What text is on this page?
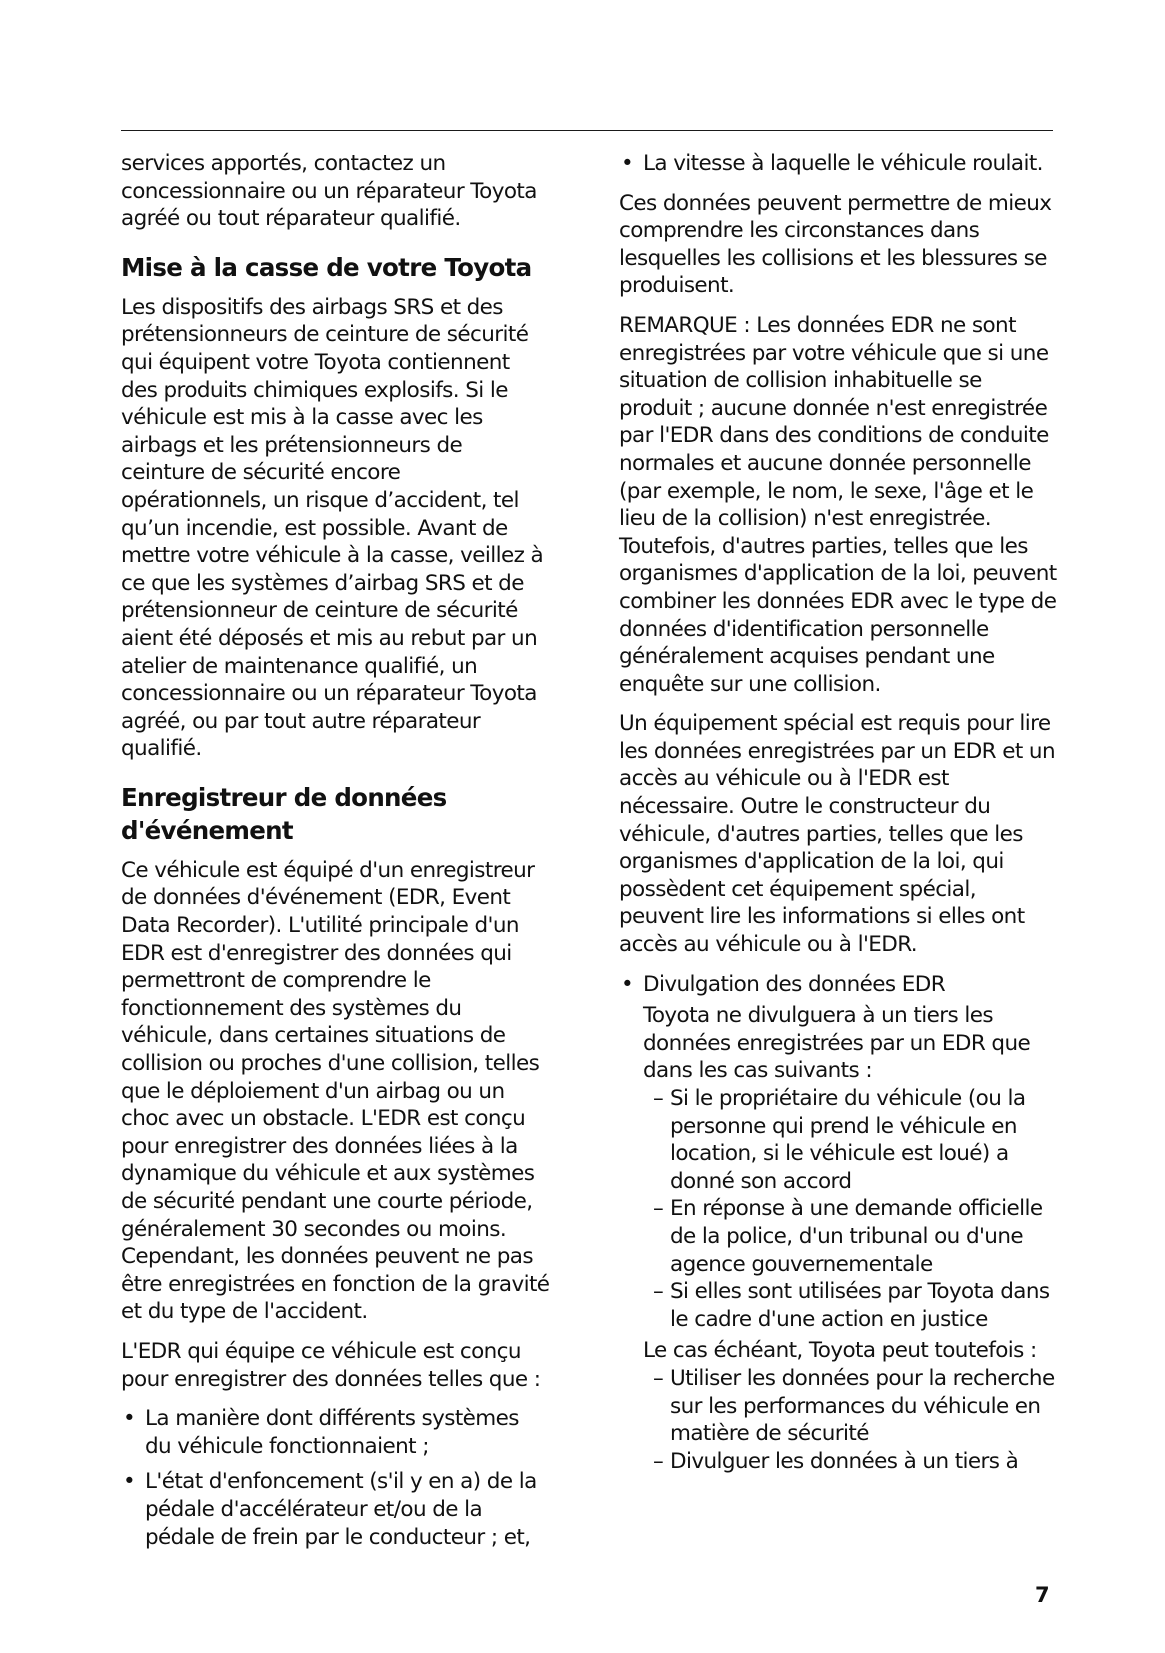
services apportés, contactez un concessionnaire ou un réparateur Toyota agréé ou tout réparateur qualifié.

Mise à la casse de votre Toyota

Les dispositifs des airbags SRS et des prétensionneurs de ceinture de sécurité qui équipent votre Toyota contiennent des produits chimiques explosifs. Si le véhicule est mis à la casse avec les airbags et les prétensionneurs de ceinture de sécurité encore opérationnels, un risque d’accident, tel qu’un incendie, est possible. Avant de mettre votre véhicule à la casse, veillez à ce que les systèmes d’airbag SRS et de prétensionneur de ceinture de sécurité aient été déposés et mis au rebut par un atelier de maintenance qualifié, un concessionnaire ou un réparateur Toyota agréé, ou par tout autre réparateur qualifié.

Enregistreur de données d'événement

Ce véhicule est équipé d'un enregistreur de données d'événement (EDR, Event Data Recorder). L'utilité principale d'un EDR est d'enregistrer des données qui permettront de comprendre le fonctionnement des systèmes du véhicule, dans certaines situations de collision ou proches d'une collision, telles que le déploiement d'un airbag ou un choc avec un obstacle. L'EDR est conçu pour enregistrer des données liées à la dynamique du véhicule et aux systèmes de sécurité pendant une courte période, généralement 30 secondes ou moins. Cependant, les données peuvent ne pas être enregistrées en fonction de la gravité et du type de l'accident.

L'EDR qui équipe ce véhicule est conçu pour enregistrer des données telles que :

• La manière dont différents systèmes du véhicule fonctionnaient ;
• L'état d'enfoncement (s'il y en a) de la pédale d'accélérateur et/ou de la pédale de frein par le conducteur ; et,
• La vitesse à laquelle le véhicule roulait.

Ces données peuvent permettre de mieux comprendre les circonstances dans lesquelles les collisions et les blessures se produisent.

REMARQUE : Les données EDR ne sont enregistrées par votre véhicule que si une situation de collision inhabituelle se produit ; aucune donnée n'est enregistrée par l'EDR dans des conditions de conduite normales et aucune donnée personnelle (par exemple, le nom, le sexe, l'âge et le lieu de la collision) n'est enregistrée. Toutefois, d'autres parties, telles que les organismes d'application de la loi, peuvent combiner les données EDR avec le type de données d'identification personnelle généralement acquises pendant une enquête sur une collision.

Un équipement spécial est requis pour lire les données enregistrées par un EDR et un accès au véhicule ou à l'EDR est nécessaire. Outre le constructeur du véhicule, d'autres parties, telles que les organismes d'application de la loi, qui possèdent cet équipement spécial, peuvent lire les informations si elles ont accès au véhicule ou à l'EDR.

• Divulgation des données EDR

Toyota ne divulguera à un tiers les données enregistrées par un EDR que dans les cas suivants :

– Si le propriétaire du véhicule (ou la personne qui prend le véhicule en location, si le véhicule est loué) a donné son accord
– En réponse à une demande officielle de la police, d'un tribunal ou d'une agence gouvernementale
– Si elles sont utilisées par Toyota dans le cadre d'une action en justice

Le cas échéant, Toyota peut toutefois :

– Utiliser les données pour la recherche sur les performances du véhicule en matière de sécurité
– Divulguer les données à un tiers à
7
